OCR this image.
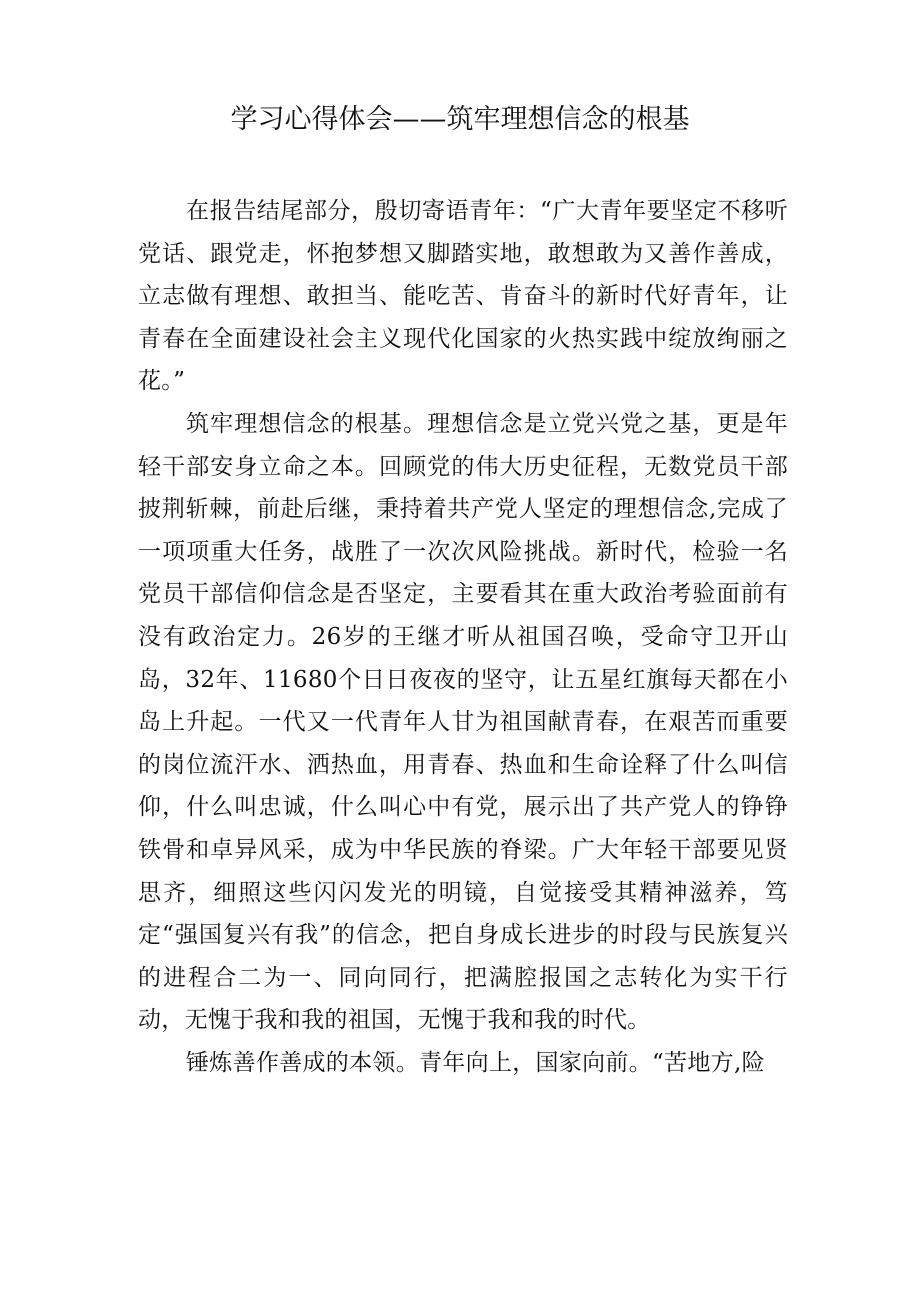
学习心得体会——筑牢理想信念的根基

在报告结尾部分，殷切寄语青年：“广大青年要坚定不移听党话、跟党走，怀抱梦想又脚踏实地，敢想敢为又善作善成，立志做有理想、敢担当、能吃苦、肯奋斗的新时代好青年，让青春在全面建设社会主义现代化国家的火热实践中绽放绚丽之花。”

筑牢理想信念的根基。理想信念是立党兴党之基，更是年轻干部安身立命之本。回顾党的伟大历史征程，无数党员干部披荆斩棘，前赴后继，秉持着共产党人坚定的理想信念,完成了一项项重大任务，战胜了一次次风险挑战。新时代，检验一名党员干部信仰信念是否坚定，主要看其在重大政治考验面前有没有政治定力。26岁的王继才听从祖国召唤，受命守卫开山岛，32年、11680个日日夜夜的坚守，让五星红旗每天都在小岛上升起。一代又一代青年人甘为祖国献青春，在艰苦而重要的岗位流汗水、洒热血，用青春、热血和生命诠释了什么叫信仰，什么叫忠诚，什么叫心中有党，展示出了共产党人的铮铮铁骨和卓异风采，成为中华民族的脊梁。广大年轻干部要见贤思齐，细照这些闪闪发光的明镜，自觉接受其精神滋养，笃定“强国复兴有我”的信念，把自身成长进步的时段与民族复兴的进程合二为一、同向同行，把满腔报国之志转化为实干行动，无愧于我和我的祖国，无愧于我和我的时代。

锤炼善作善成的本领。青年向上，国家向前。“苦地方,险
